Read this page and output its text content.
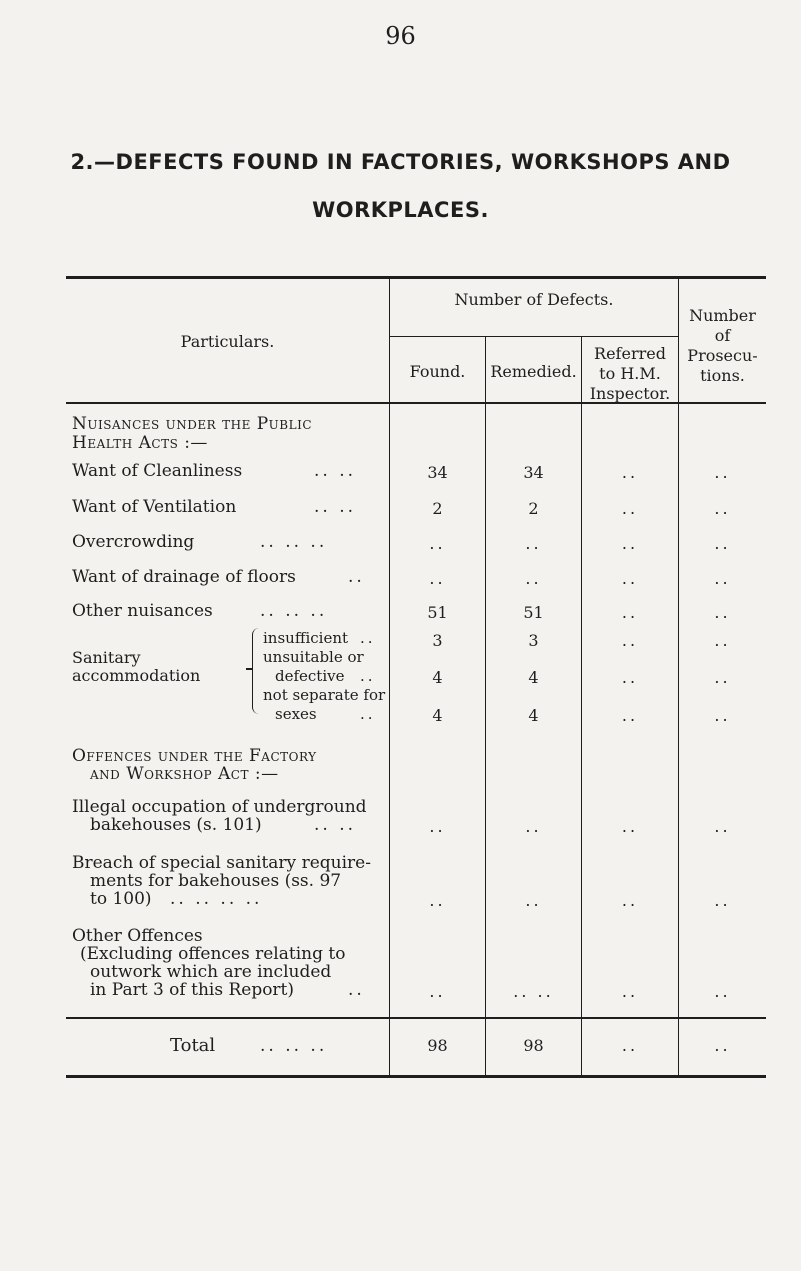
96
2.—DEFECTS FOUND IN FACTORIES, WORKSHOPS AND
WORKPLACES.
Particulars.
Number of Defects.
Found.	Remedied.
Referred
to H.M.
Inspector.
Number of
Prosecu-
tions.
Nuisances under the Public
Health Acts :—
Want of Cleanliness	.. ..	34	34	..	..
Want of Ventilation	.. ..	2	2	..	..
Overcrowding	.. .. ..	..	..	..	..
Want of drainage of floors	..	..	..	..	..
Other nuisances	.. .. ..	51	51	..	..
Sanitary
accommodation
insufficient ..
unsuitable or
defective ..
not separate for
sexes	..
3	3	..	..
4	4	..	..
4	4	..	..
Offences under the Factory
and Workshop Act :—
Illegal occupation of underground
bakehouses (s. 101)	.. ..	..	..	..	..
Breach of special sanitary require-
ments for bakehouses (ss. 97
to 100) .. .. .. ..	..	..	..	..
Other Offences
(Excluding offences relating to
outwork which are included
in Part 3 of this Report)	..	..	.. ..	..	..
Total	.. .. ..	98	98	..	..
